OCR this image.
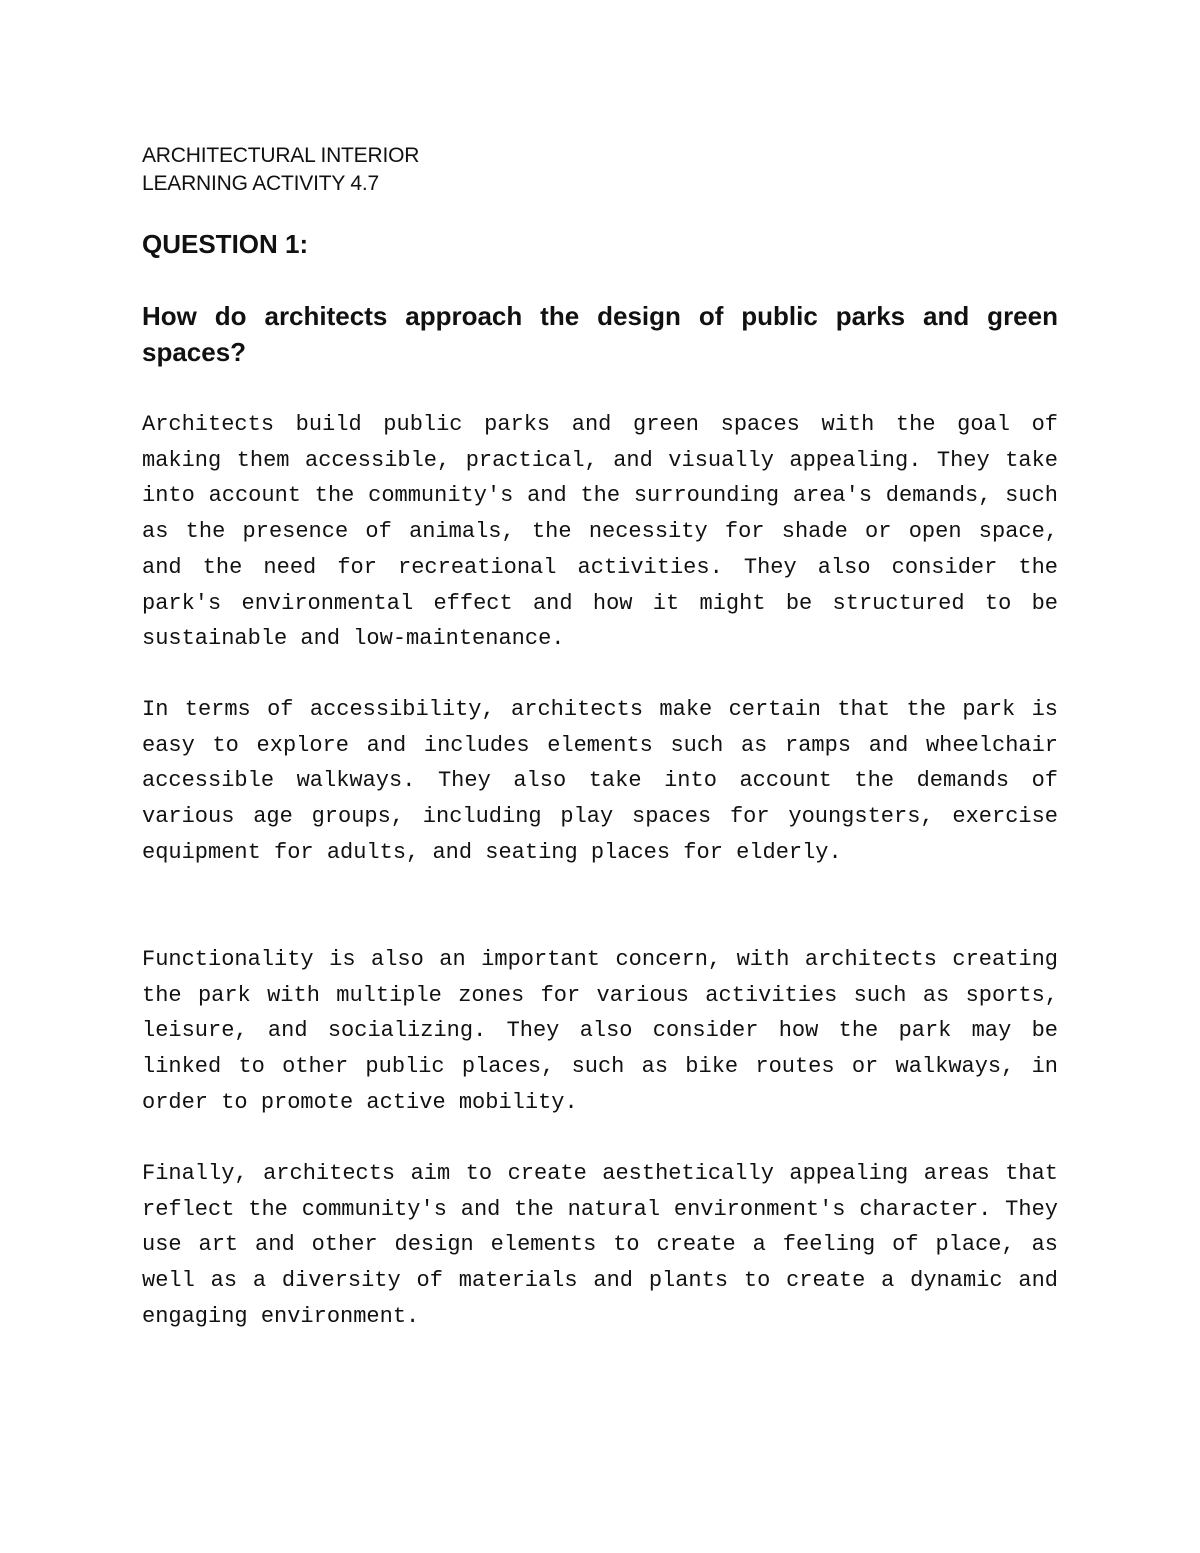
ARCHITECTURAL INTERIOR
LEARNING ACTIVITY 4.7
QUESTION 1:
How do architects approach the design of public parks and green spaces?
Architects build public parks and green spaces with the goal of making them accessible, practical, and visually appealing. They take into account the community's and the surrounding area's demands, such as the presence of animals, the necessity for shade or open space, and the need for recreational activities. They also consider the park's environmental effect and how it might be structured to be sustainable and low-maintenance.
In terms of accessibility, architects make certain that the park is easy to explore and includes elements such as ramps and wheelchair accessible walkways. They also take into account the demands of various age groups, including play spaces for youngsters, exercise equipment for adults, and seating places for elderly.
Functionality is also an important concern, with architects creating the park with multiple zones for various activities such as sports, leisure, and socializing. They also consider how the park may be linked to other public places, such as bike routes or walkways, in order to promote active mobility.
Finally, architects aim to create aesthetically appealing areas that reflect the community's and the natural environment's character. They use art and other design elements to create a feeling of place, as well as a diversity of materials and plants to create a dynamic and engaging environment.
